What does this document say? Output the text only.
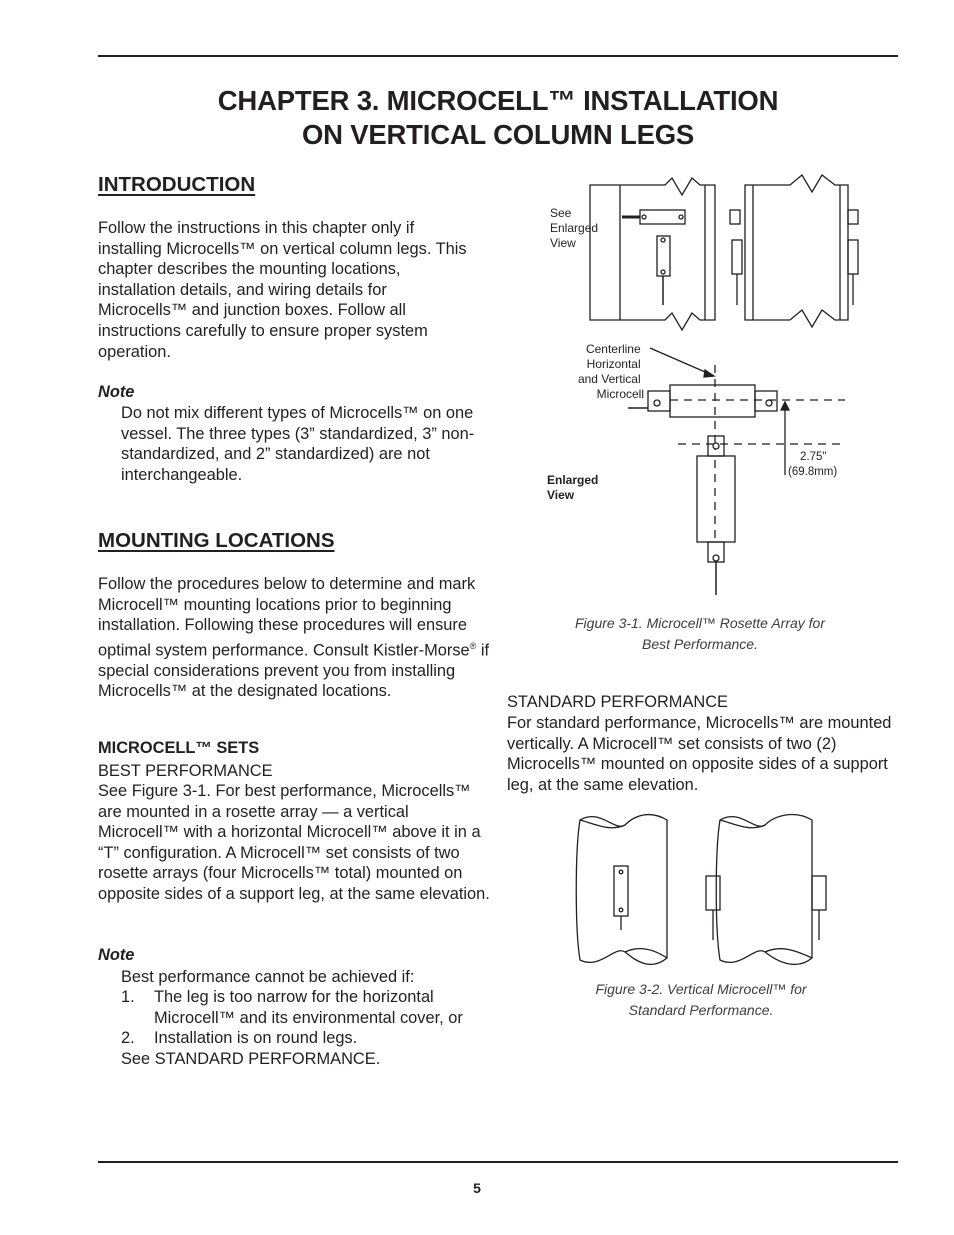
CHAPTER 3. MICROCELL™ INSTALLATION
ON VERTICAL COLUMN LEGS
INTRODUCTION

Follow the instructions in this chapter only if installing Microcells™ on vertical column legs. This chapter describes the mounting locations, installation details, and wiring details for Microcells™ and junction boxes. Follow all instructions carefully to ensure proper system operation.

Note

Do not mix different types of Microcells™ on one vessel. The three types (3” standardized, 3” non-standardized, and 2” standardized) are not interchangeable.

MOUNTING LOCATIONS

Follow the procedures below to determine and mark Microcell™ mounting locations prior to beginning installation. Following these procedures will ensure optimal system performance. Consult Kistler-Morse® if special considerations prevent you from installing Microcells™ at the designated locations.

MICROCELL™ SETS
BEST PERFORMANCE

See Figure 3-1. For best performance, Microcells™ are mounted in a rosette array — a vertical Microcell™ with a horizontal Microcell™ above it in a “T” configuration. A Microcell™ set consists of two rosette arrays (four Microcells™ total) mounted on opposite sides of a support leg, at the same elevation.

Note
Best performance cannot be achieved if:
1. The leg is too narrow for the horizontal Microcell™ and its environmental cover, or
2. Installation is on round legs.
See STANDARD PERFORMANCE.
See Enlarged View
Centerline Horizontal and Vertical Microcell
2.75" (69.8mm)
Enlarged View
Figure 3-1. Microcell™ Rosette Array for
Best Performance.
STANDARD PERFORMANCE

For standard performance, Microcells™ are mounted vertically. A Microcell™ set consists of two (2) Microcells™ mounted on opposite sides of a support leg, at the same elevation.

Figure 3-2. Vertical Microcell™ for
Standard Performance.
5
